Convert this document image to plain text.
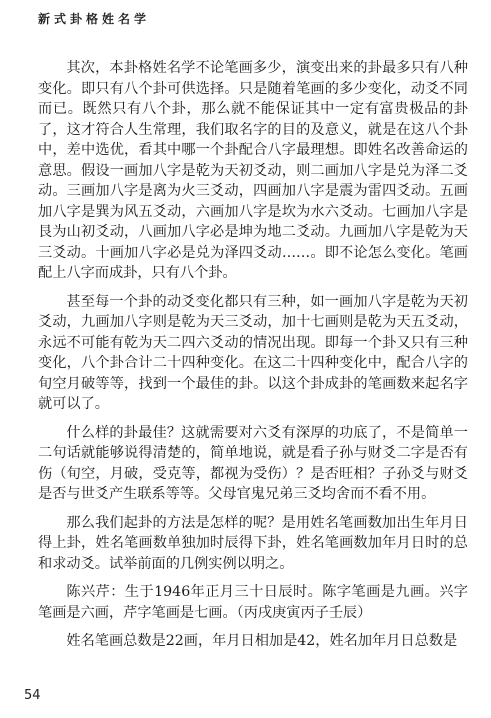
新式卦格姓名学

其次，本卦格姓名学不论笔画多少，演变出来的卦最多只有八种变化。即只有八个卦可供选择。只是随着笔画的多少变化，动爻不同而已。既然只有八个卦，那么就不能保证其中一定有富贵极品的卦了，这才符合人生常理，我们取名字的目的及意义，就是在这八个卦中，差中选优，看其中哪一个卦配合八字最理想。即姓名改善命运的意思。假设一画加八字是乾为天初爻动，则二画加八字是兑为泽二爻动。三画加八字是离为火三爻动，四画加八字是震为雷四爻动。五画加八字是巽为风五爻动，六画加八字是坎为水六爻动。七画加八字是艮为山初爻动，八画加八字必是坤为地二爻动。九画加八字是乾为天三爻动。十画加八字必是兑为泽四爻动……。即不论怎么变化。笔画配上八字而成卦，只有八个卦。

甚至每一个卦的动爻变化都只有三种，如一画加八字是乾为天初爻动，九画加八字则是乾为天三爻动，加十七画则是乾为天五爻动，永远不可能有乾为天二四六爻动的情况出现。即每一个卦又只有三种变化，八个卦合计二十四种变化。在这二十四种变化中，配合八字的旬空月破等等，找到一个最佳的卦。以这个卦成卦的笔画数来起名字就可以了。

什么样的卦最佳？这就需要对六爻有深厚的功底了，不是简单一二句话就能够说得清楚的，简单地说，就是看子孙与财爻二字是否有伤（旬空，月破，受克等，都视为受伤）？是否旺相？子孙爻与财爻是否与世爻产生联系等等。父母官鬼兄弟三爻均舍而不看不用。

那么我们起卦的方法是怎样的呢？是用姓名笔画数加出生年月日得上卦，姓名笔画数单独加时辰得下卦，姓名笔画数加年月日时的总和求动爻。试举前面的几例实例以明之。

陈兴芹：生于1946年正月三十日辰时。陈字笔画是九画。兴字笔画是六画，芹字笔画是七画。（丙戌庚寅丙子壬辰）

姓名笔画总数是22画，年月日相加是42，姓名加年月日总数是

54
